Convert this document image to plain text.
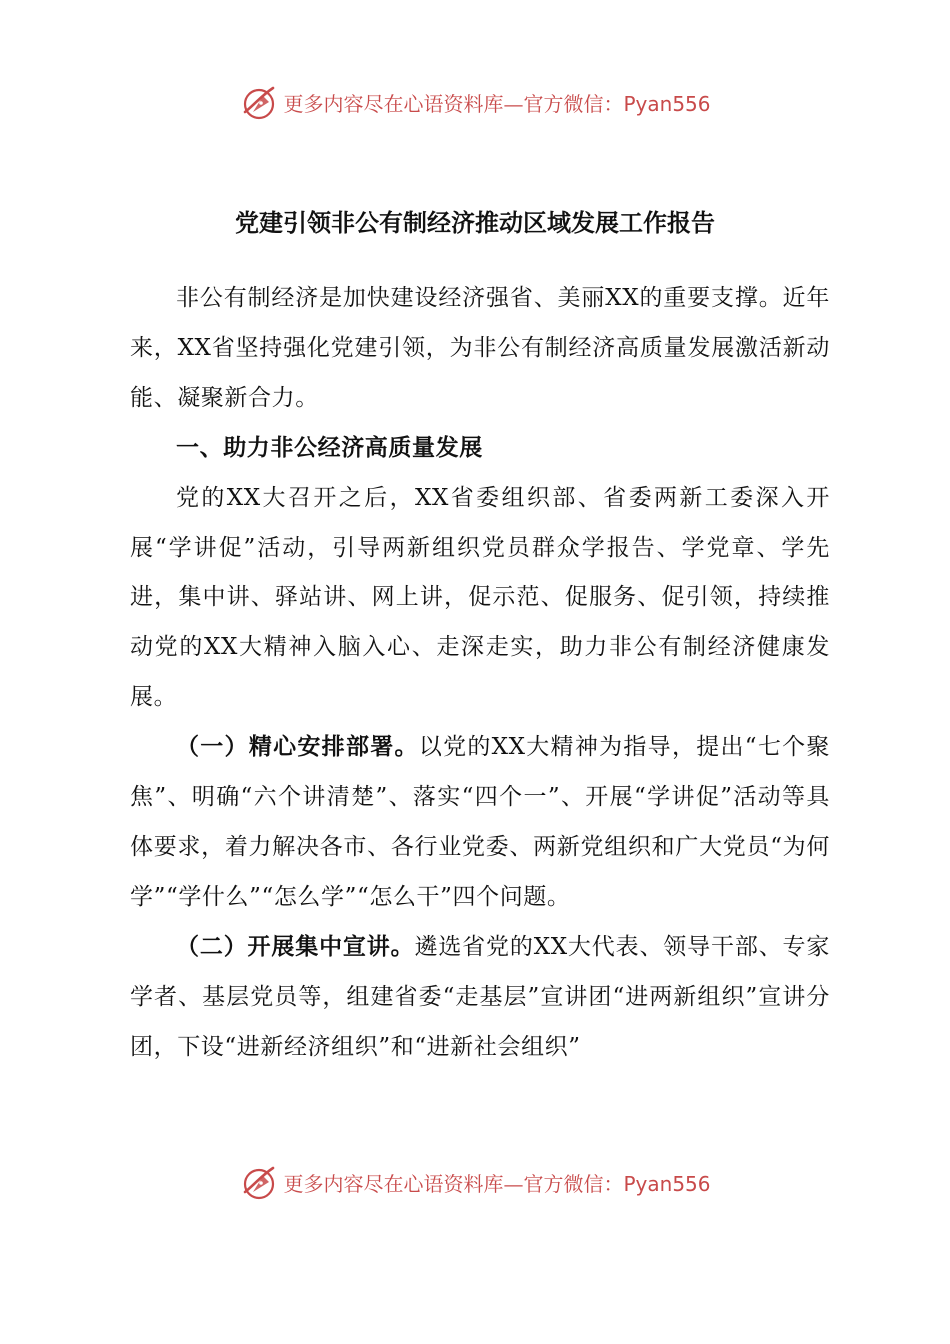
更多内容尽在心语资料库—官方微信：Pyan556
党建引领非公有制经济推动区域发展工作报告

非公有制经济是加快建设经济强省、美丽XX的重要支撑。近年来，XX省坚持强化党建引领，为非公有制经济高质量发展激活新动能、凝聚新合力。

一、助力非公经济高质量发展

党的XX大召开之后，XX省委组织部、省委两新工委深入开展“学讲促”活动，引导两新组织党员群众学报告、学党章、学先进，集中讲、驿站讲、网上讲，促示范、促服务、促引领，持续推动党的XX大精神入脑入心、走深走实，助力非公有制经济健康发展。

（一）精心安排部署。以党的XX大精神为指导，提出“七个聚焦”、明确“六个讲清楚”、落实“四个一”、开展“学讲促”活动等具体要求，着力解决各市、各行业党委、两新党组织和广大党员“为何学”“学什么”“怎么学”“怎么干”四个问题。

（二）开展集中宣讲。遴选省党的XX大代表、领导干部、专家学者、基层党员等，组建省委“走基层”宣讲团“进两新组织”宣讲分团，下设“进新经济组织”和“进新社会组织”

更多内容尽在心语资料库—官方微信：Pyan556
